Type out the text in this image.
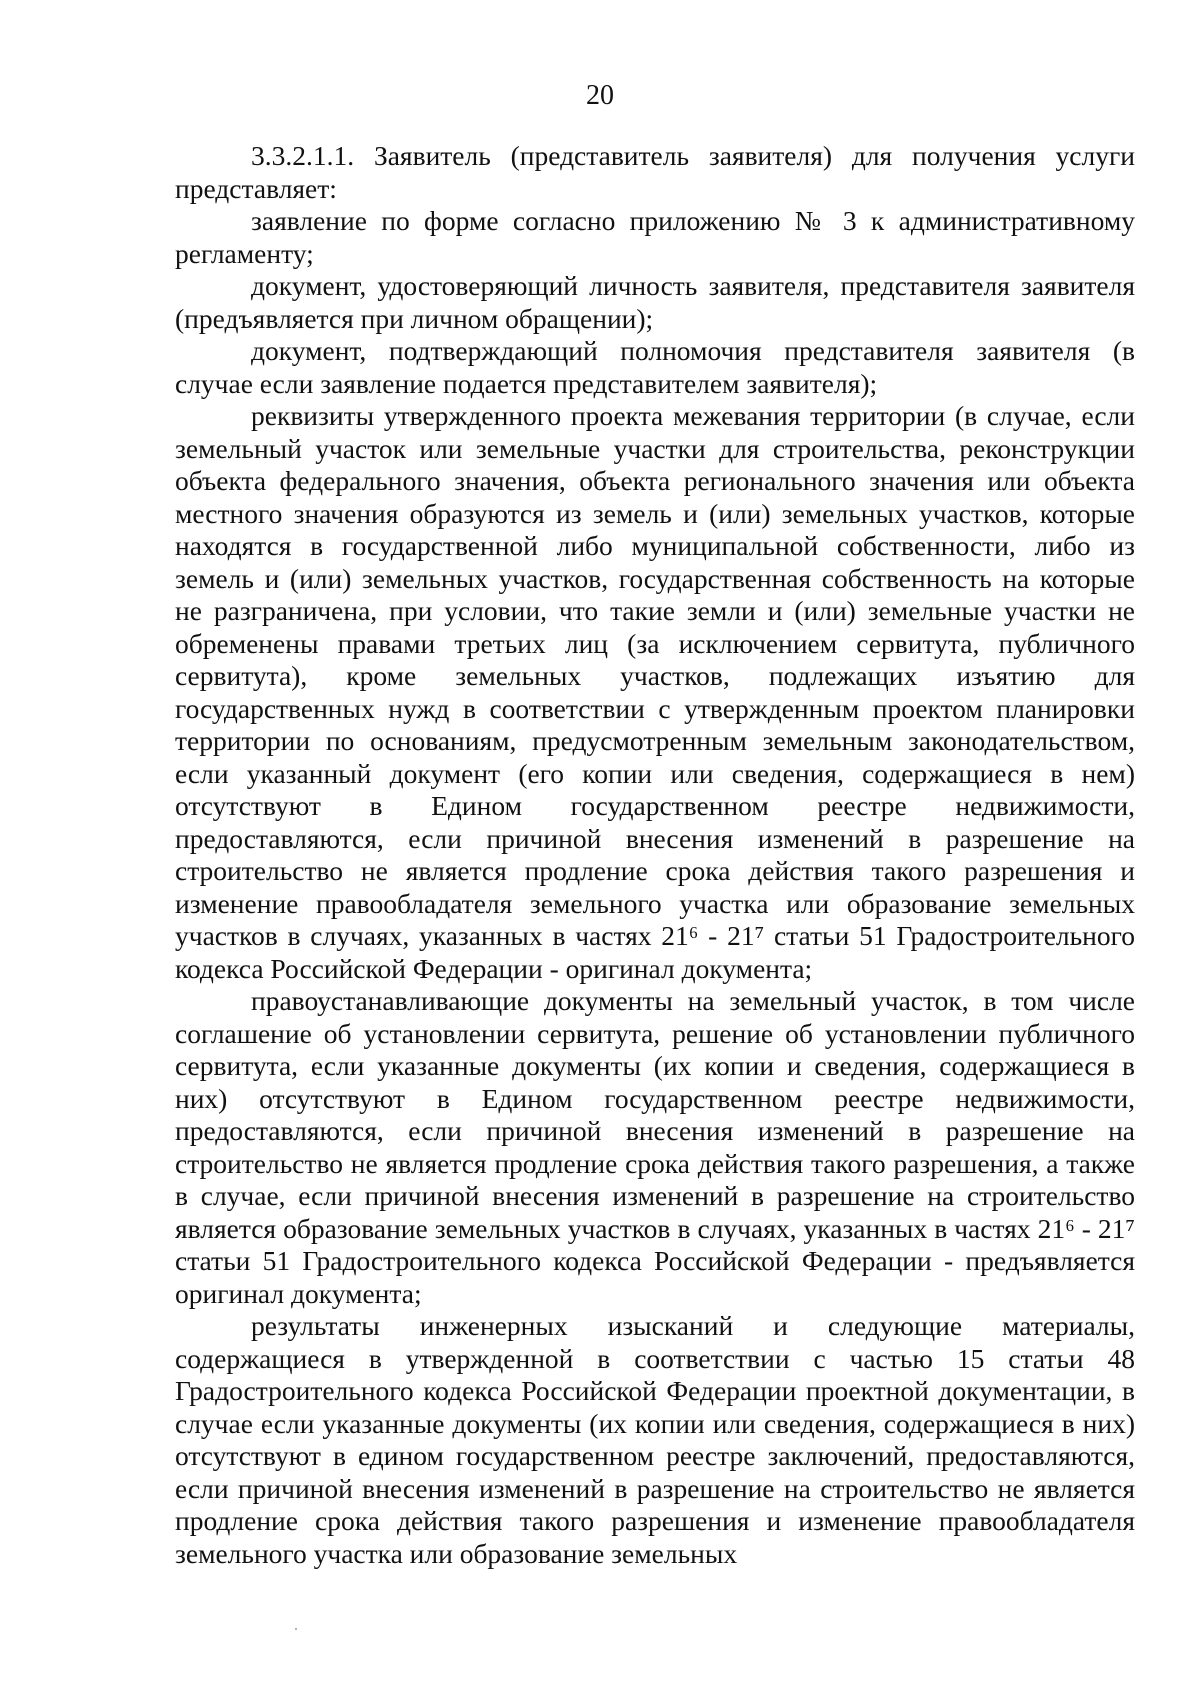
20

3.3.2.1.1. Заявитель (представитель заявителя) для получения услуги представляет:

заявление по форме согласно приложению № 3 к административному регламенту;

документ, удостоверяющий личность заявителя, представителя заявителя (предъявляется при личном обращении);

документ, подтверждающий полномочия представителя заявителя (в случае если заявление подается представителем заявителя);

реквизиты утвержденного проекта межевания территории (в случае, если земельный участок или земельные участки для строительства, реконструкции объекта федерального значения, объекта регионального значения или объекта местного значения образуются из земель и (или) земельных участков, которые находятся в государственной либо муниципальной собственности, либо из земель и (или) земельных участков, государственная собственность на которые не разграничена, при условии, что такие земли и (или) земельные участки не обременены правами третьих лиц (за исключением сервитута, публичного сервитута), кроме земельных участков, подлежащих изъятию для государственных нужд в соответствии с утвержденным проектом планировки территории по основаниям, предусмотренным земельным законодательством, если указанный документ (его копии или сведения, содержащиеся в нем) отсутствуют в Едином государственном реестре недвижимости, предоставляются, если причиной внесения изменений в разрешение на строительство не является продление срока действия такого разрешения и изменение правообладателя земельного участка или образование земельных участков в случаях, указанных в частях 21⁶ - 21⁷ статьи 51 Градостроительного кодекса Российской Федерации - оригинал документа;

правоустанавливающие документы на земельный участок, в том числе соглашение об установлении сервитута, решение об установлении публичного сервитута, если указанные документы (их копии и сведения, содержащиеся в них) отсутствуют в Едином государственном реестре недвижимости, предоставляются, если причиной внесения изменений в разрешение на строительство не является продление срока действия такого разрешения, а также в случае, если причиной внесения изменений в разрешение на строительство является образование земельных участков в случаях, указанных в частях 21⁶ - 21⁷ статьи 51 Градостроительного кодекса Российской Федерации - предъявляется оригинал документа;

результаты инженерных изысканий и следующие материалы, содержащиеся в утвержденной в соответствии с частью 15 статьи 48 Градостроительного кодекса Российской Федерации проектной документации, в случае если указанные документы (их копии или сведения, содержащиеся в них) отсутствуют в едином государственном реестре заключений, предоставляются, если причиной внесения изменений в разрешение на строительство не является продление срока действия такого разрешения и изменение правообладателя земельного участка или образование земельных
